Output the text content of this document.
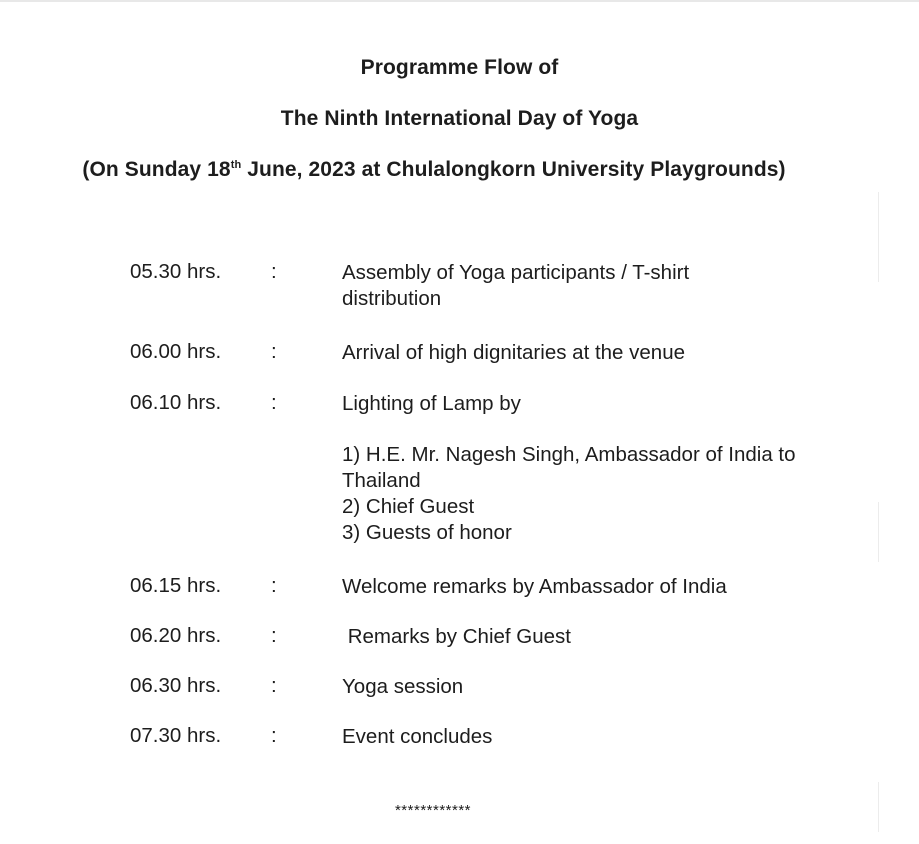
Programme Flow of
The Ninth International Day of Yoga
(On Sunday 18th June, 2023 at Chulalongkorn University Playgrounds)
05.30 hrs. :	Assembly of Yoga participants / T-shirt

distribution

06.00 hrs. :	Arrival of high dignitaries at the venue

06.10 hrs. :	Lighting of Lamp by

1) H.E. Mr. Nagesh Singh, Ambassador of India to
Thailand
2) Chief Guest
3) Guests of honor
06.15 hrs. :	Welcome remarks by Ambassador of India

06.20 hrs. :	Remarks by Chief Guest

06.30 hrs. :	Yoga session

07.30 hrs. :	Event concludes

************
